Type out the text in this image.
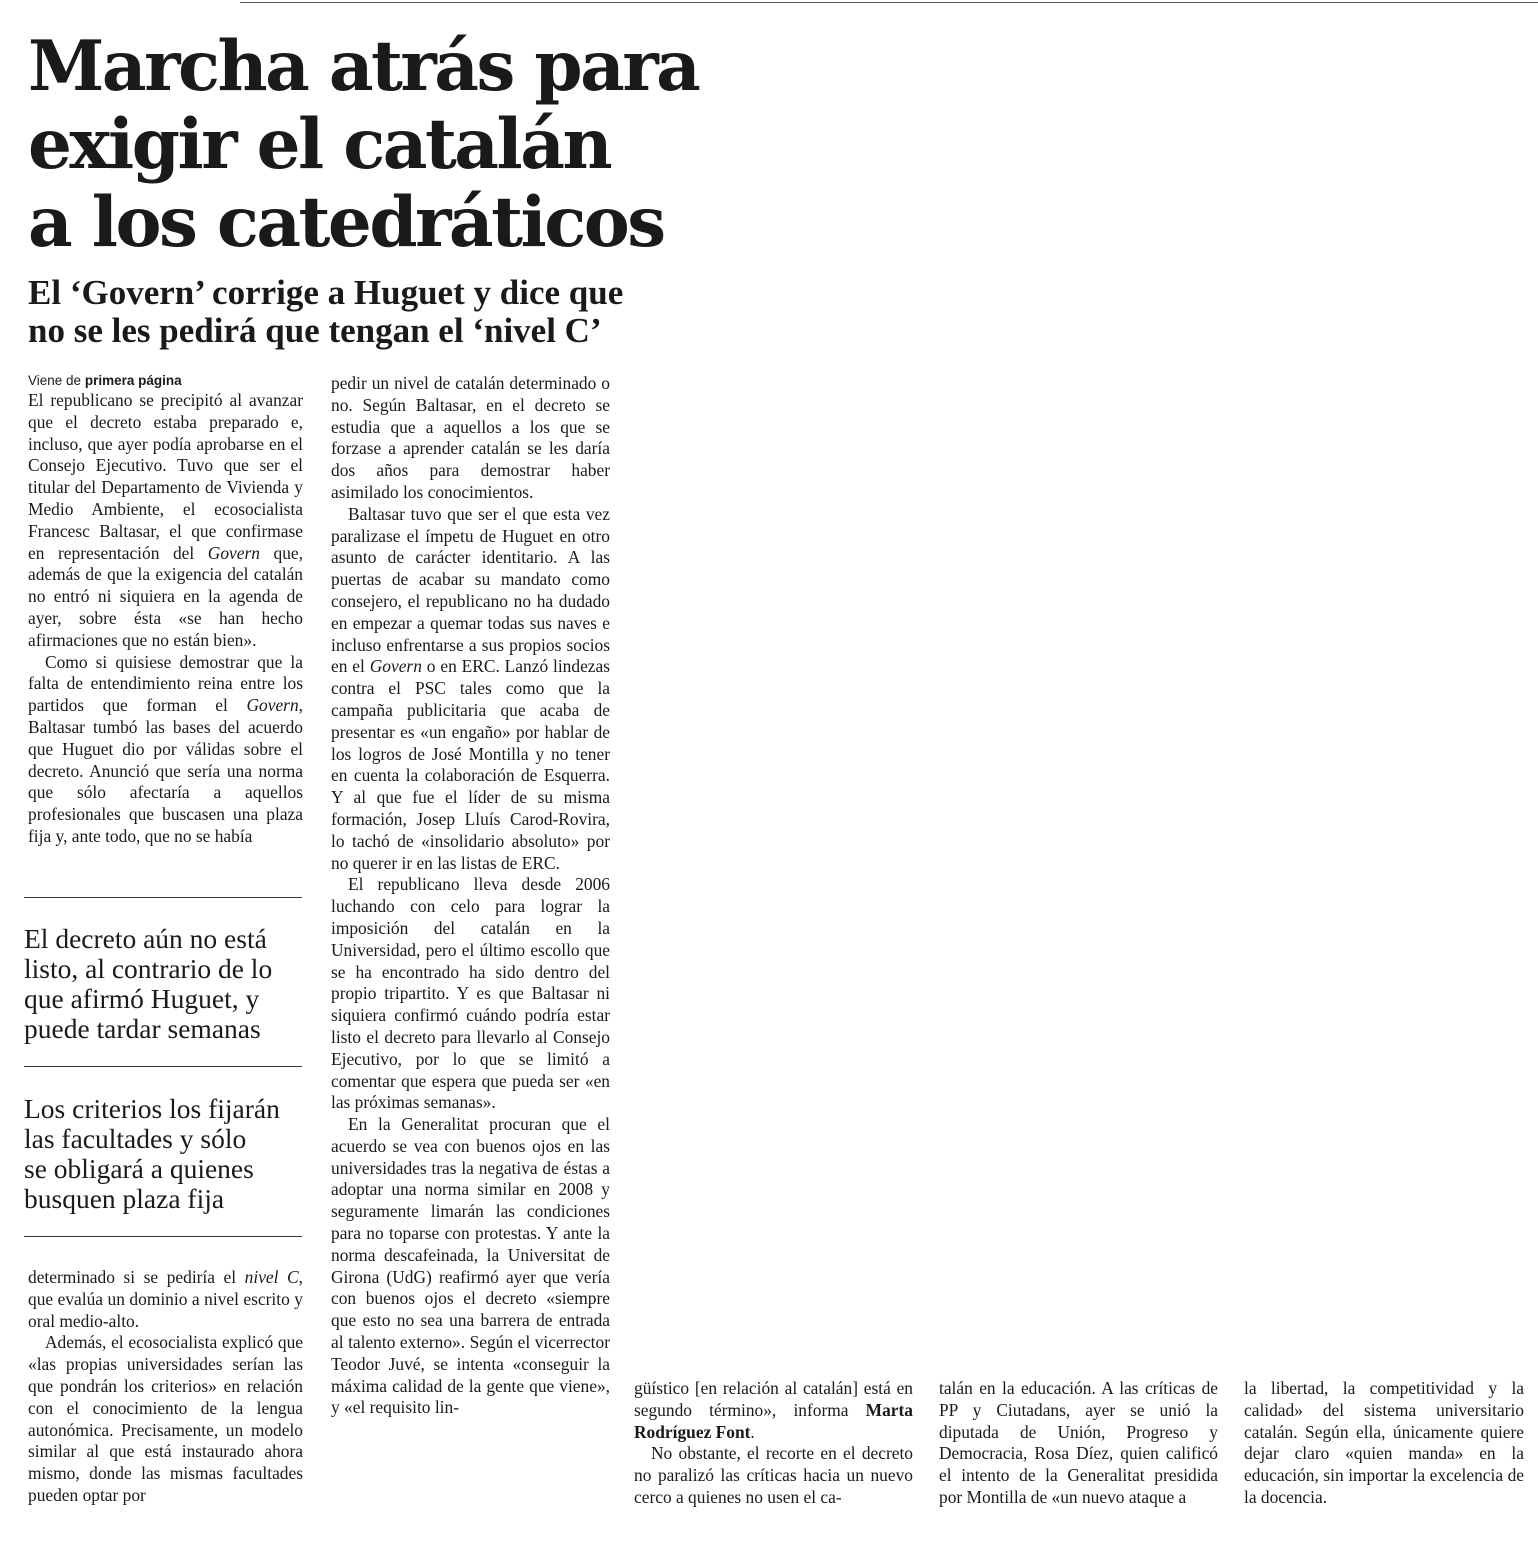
Marcha atrás para
exigir el catalán
a los catedráticos
El ‘Govern’ corrige a Huguet y dice que
no se les pedirá que tengan el ‘nivel C’

Viene de primera página

El republicano se precipitó al avanzar que el decreto estaba preparado e, incluso, que ayer podía aprobarse en el Consejo Ejecutivo. Tuvo que ser el titular del Departamento de Vivienda y Medio Ambiente, el ecosocialista Francesc Baltasar, el que confirmase en representación del Govern que, además de que la exigencia del catalán no entró ni siquiera en la agenda de ayer, sobre ésta «se han hecho afirmaciones que no están bien».

Como si quisiese demostrar que la falta de entendimiento reina entre los partidos que forman el Govern, Baltasar tumbó las bases del acuerdo que Huguet dio por válidas sobre el decreto. Anunció que sería una norma que sólo afectaría a aquellos profesionales que buscasen una plaza fija y, ante todo, que no se había

El decreto aún no está
listo, al contrario de lo
que afirmó Huguet, y
puede tardar semanas
Los criterios los fijarán
las facultades y sólo
se obligará a quienes
busquen plaza fija

determinado si se pediría el nivel C, que evalúa un dominio a nivel escrito y oral medio-alto.

Además, el ecosocialista explicó que «las propias universidades serían las que pondrán los criterios» en relación con el conocimiento de la lengua autonómica. Precisamente, un modelo similar al que está instaurado ahora mismo, donde las mismas facultades pueden optar por

pedir un nivel de catalán determinado o no. Según Baltasar, en el decreto se estudia que a aquellos a los que se forzase a aprender catalán se les daría dos años para demostrar haber asimilado los conocimientos.

Baltasar tuvo que ser el que esta vez paralizase el ímpetu de Huguet en otro asunto de carácter identitario. A las puertas de acabar su mandato como consejero, el republicano no ha dudado en empezar a quemar todas sus naves e incluso enfrentarse a sus propios socios en el Govern o en ERC. Lanzó lindezas contra el PSC tales como que la campaña publicitaria que acaba de presentar es «un engaño» por hablar de los logros de José Montilla y no tener en cuenta la colaboración de Esquerra. Y al que fue el líder de su misma formación, Josep Lluís Carod-Rovira, lo tachó de «insolidario absoluto» por no querer ir en las listas de ERC.

El republicano lleva desde 2006 luchando con celo para lograr la imposición del catalán en la Universidad, pero el último escollo que se ha encontrado ha sido dentro del propio tripartito. Y es que Baltasar ni siquiera confirmó cuándo podría estar listo el decreto para llevarlo al Consejo Ejecutivo, por lo que se limitó a comentar que espera que pueda ser «en las próximas semanas».

En la Generalitat procuran que el acuerdo se vea con buenos ojos en las universidades tras la negativa de éstas a adoptar una norma similar en 2008 y seguramente limarán las condiciones para no toparse con protestas. Y ante la norma descafeinada, la Universitat de Girona (UdG) reafirmó ayer que vería con buenos ojos el decreto «siempre que esto no sea una barrera de entrada al talento externo». Según el vicerrector Teodor Juvé, se intenta «conseguir la máxima calidad de la gente que viene», y «el requisito lin-

güístico [en relación al catalán] está en segundo término», informa Marta Rodríguez Font.

No obstante, el recorte en el decreto no paralizó las críticas hacia un nuevo cerco a quienes no usen el ca-

talán en la educación. A las críticas de PP y Ciutadans, ayer se unió la diputada de Unión, Progreso y Democracia, Rosa Díez, quien calificó el intento de la Generalitat presidida por Montilla de «un nuevo ataque a

la libertad, la competitividad y la calidad» del sistema universitario catalán. Según ella, únicamente quiere dejar claro «quien manda» en la educación, sin importar la excelencia de la docencia.
